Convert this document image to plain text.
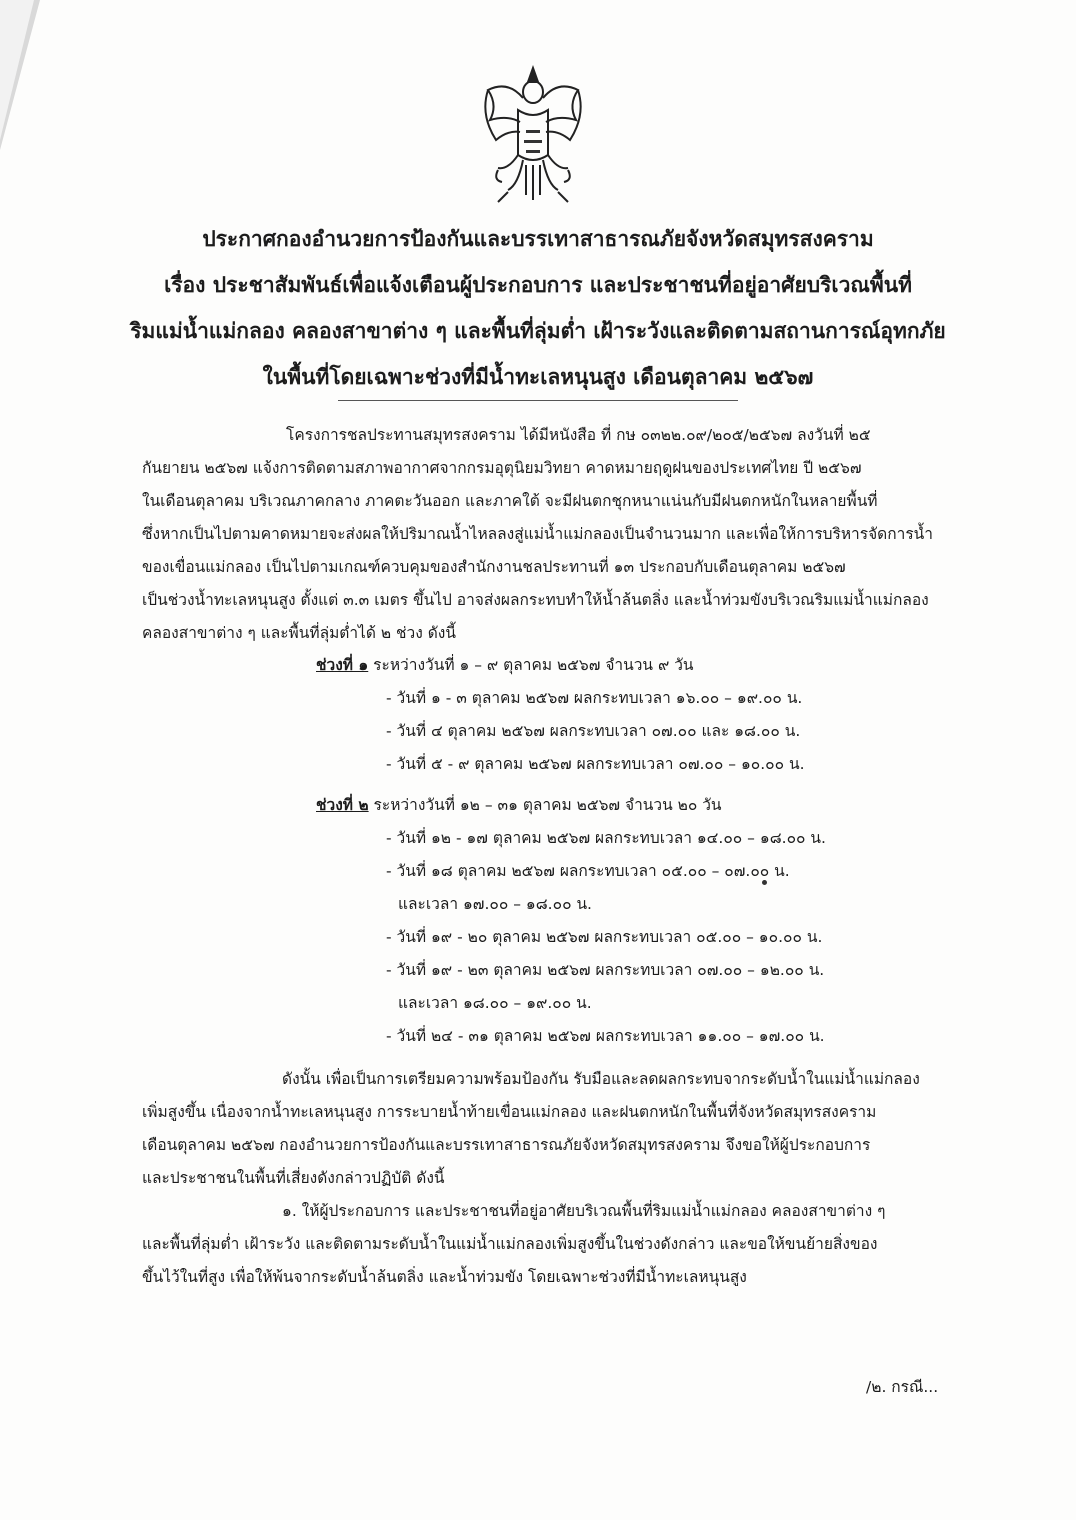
ประกาศกองอำนวยการป้องกันและบรรเทาสาธารณภัยจังหวัดสมุทรสงคราม
เรื่อง ประชาสัมพันธ์เพื่อแจ้งเตือนผู้ประกอบการ และประชาชนที่อยู่อาศัยบริเวณพื้นที่
ริมแม่น้ำแม่กลอง คลองสาขาต่าง ๆ และพื้นที่ลุ่มต่ำ เฝ้าระวังและติดตามสถานการณ์อุทกภัย
ในพื้นที่โดยเฉพาะช่วงที่มีน้ำทะเลหนุนสูง เดือนตุลาคม ๒๕๖๗
โครงการชลประทานสมุทรสงคราม ได้มีหนังสือ ที่ กษ ๐๓๒๒.๐๙/๒๐๕/๒๕๖๗ ลงวันที่ ๒๕
กันยายน ๒๕๖๗ แจ้งการติดตามสภาพอากาศจากกรมอุตุนิยมวิทยา คาดหมายฤดูฝนของประเทศไทย ปี ๒๕๖๗
ในเดือนตุลาคม บริเวณภาคกลาง ภาคตะวันออก และภาคใต้ จะมีฝนตกชุกหนาแน่นกับมีฝนตกหนักในหลายพื้นที่
ซึ่งหากเป็นไปตามคาดหมายจะส่งผลให้ปริมาณน้ำไหลลงสู่แม่น้ำแม่กลองเป็นจำนวนมาก และเพื่อให้การบริหารจัดการน้ำ
ของเขื่อนแม่กลอง เป็นไปตามเกณฑ์ควบคุมของสำนักงานชลประทานที่ ๑๓ ประกอบกับเดือนตุลาคม ๒๕๖๗
เป็นช่วงน้ำทะเลหนุนสูง ตั้งแต่ ๓.๓ เมตร ขึ้นไป อาจส่งผลกระทบทำให้น้ำล้นตลิ่ง และน้ำท่วมขังบริเวณริมแม่น้ำแม่กลอง
คลองสาขาต่าง ๆ และพื้นที่ลุ่มต่ำได้ ๒ ช่วง ดังนี้
ช่วงที่ ๑ ระหว่างวันที่ ๑ – ๙ ตุลาคม ๒๕๖๗ จำนวน ๙ วัน
- วันที่ ๑ - ๓ ตุลาคม ๒๕๖๗ ผลกระทบเวลา ๑๖.๐๐ – ๑๙.๐๐ น.
- วันที่ ๔ ตุลาคม ๒๕๖๗ ผลกระทบเวลา ๐๗.๐๐ และ ๑๘.๐๐ น.
- วันที่ ๕ - ๙ ตุลาคม ๒๕๖๗ ผลกระทบเวลา ๐๗.๐๐ – ๑๐.๐๐ น.
ช่วงที่ ๒ ระหว่างวันที่ ๑๒ – ๓๑ ตุลาคม ๒๕๖๗ จำนวน ๒๐ วัน
- วันที่ ๑๒ - ๑๗ ตุลาคม ๒๕๖๗ ผลกระทบเวลา ๑๔.๐๐ – ๑๘.๐๐ น.
- วันที่ ๑๘ ตุลาคม ๒๕๖๗ ผลกระทบเวลา ๐๕.๐๐ – ๐๗.๐๐ น.
และเวลา ๑๗.๐๐ – ๑๘.๐๐ น.
- วันที่ ๑๙ - ๒๐ ตุลาคม ๒๕๖๗ ผลกระทบเวลา ๐๕.๐๐ – ๑๐.๐๐ น.
- วันที่ ๑๙ - ๒๓ ตุลาคม ๒๕๖๗ ผลกระทบเวลา ๐๗.๐๐ – ๑๒.๐๐ น.
และเวลา ๑๘.๐๐ – ๑๙.๐๐ น.
- วันที่ ๒๔ - ๓๑ ตุลาคม ๒๕๖๗ ผลกระทบเวลา ๑๑.๐๐ – ๑๗.๐๐ น.
ดังนั้น เพื่อเป็นการเตรียมความพร้อมป้องกัน รับมือและลดผลกระทบจากระดับน้ำในแม่น้ำแม่กลอง
เพิ่มสูงขึ้น เนื่องจากน้ำทะเลหนุนสูง การระบายน้ำท้ายเขื่อนแม่กลอง และฝนตกหนักในพื้นที่จังหวัดสมุทรสงคราม
เดือนตุลาคม ๒๕๖๗ กองอำนวยการป้องกันและบรรเทาสาธารณภัยจังหวัดสมุทรสงคราม จึงขอให้ผู้ประกอบการ
และประชาชนในพื้นที่เสี่ยงดังกล่าวปฏิบัติ ดังนี้
๑. ให้ผู้ประกอบการ และประชาชนที่อยู่อาศัยบริเวณพื้นที่ริมแม่น้ำแม่กลอง คลองสาขาต่าง ๆ
และพื้นที่ลุ่มต่ำ เฝ้าระวัง และติดตามระดับน้ำในแม่น้ำแม่กลองเพิ่มสูงขึ้นในช่วงดังกล่าว และขอให้ขนย้ายสิ่งของ
ขึ้นไว้ในที่สูง เพื่อให้พ้นจากระดับน้ำล้นตลิ่ง และน้ำท่วมขัง โดยเฉพาะช่วงที่มีน้ำทะเลหนุนสูง
/๒. กรณี...
